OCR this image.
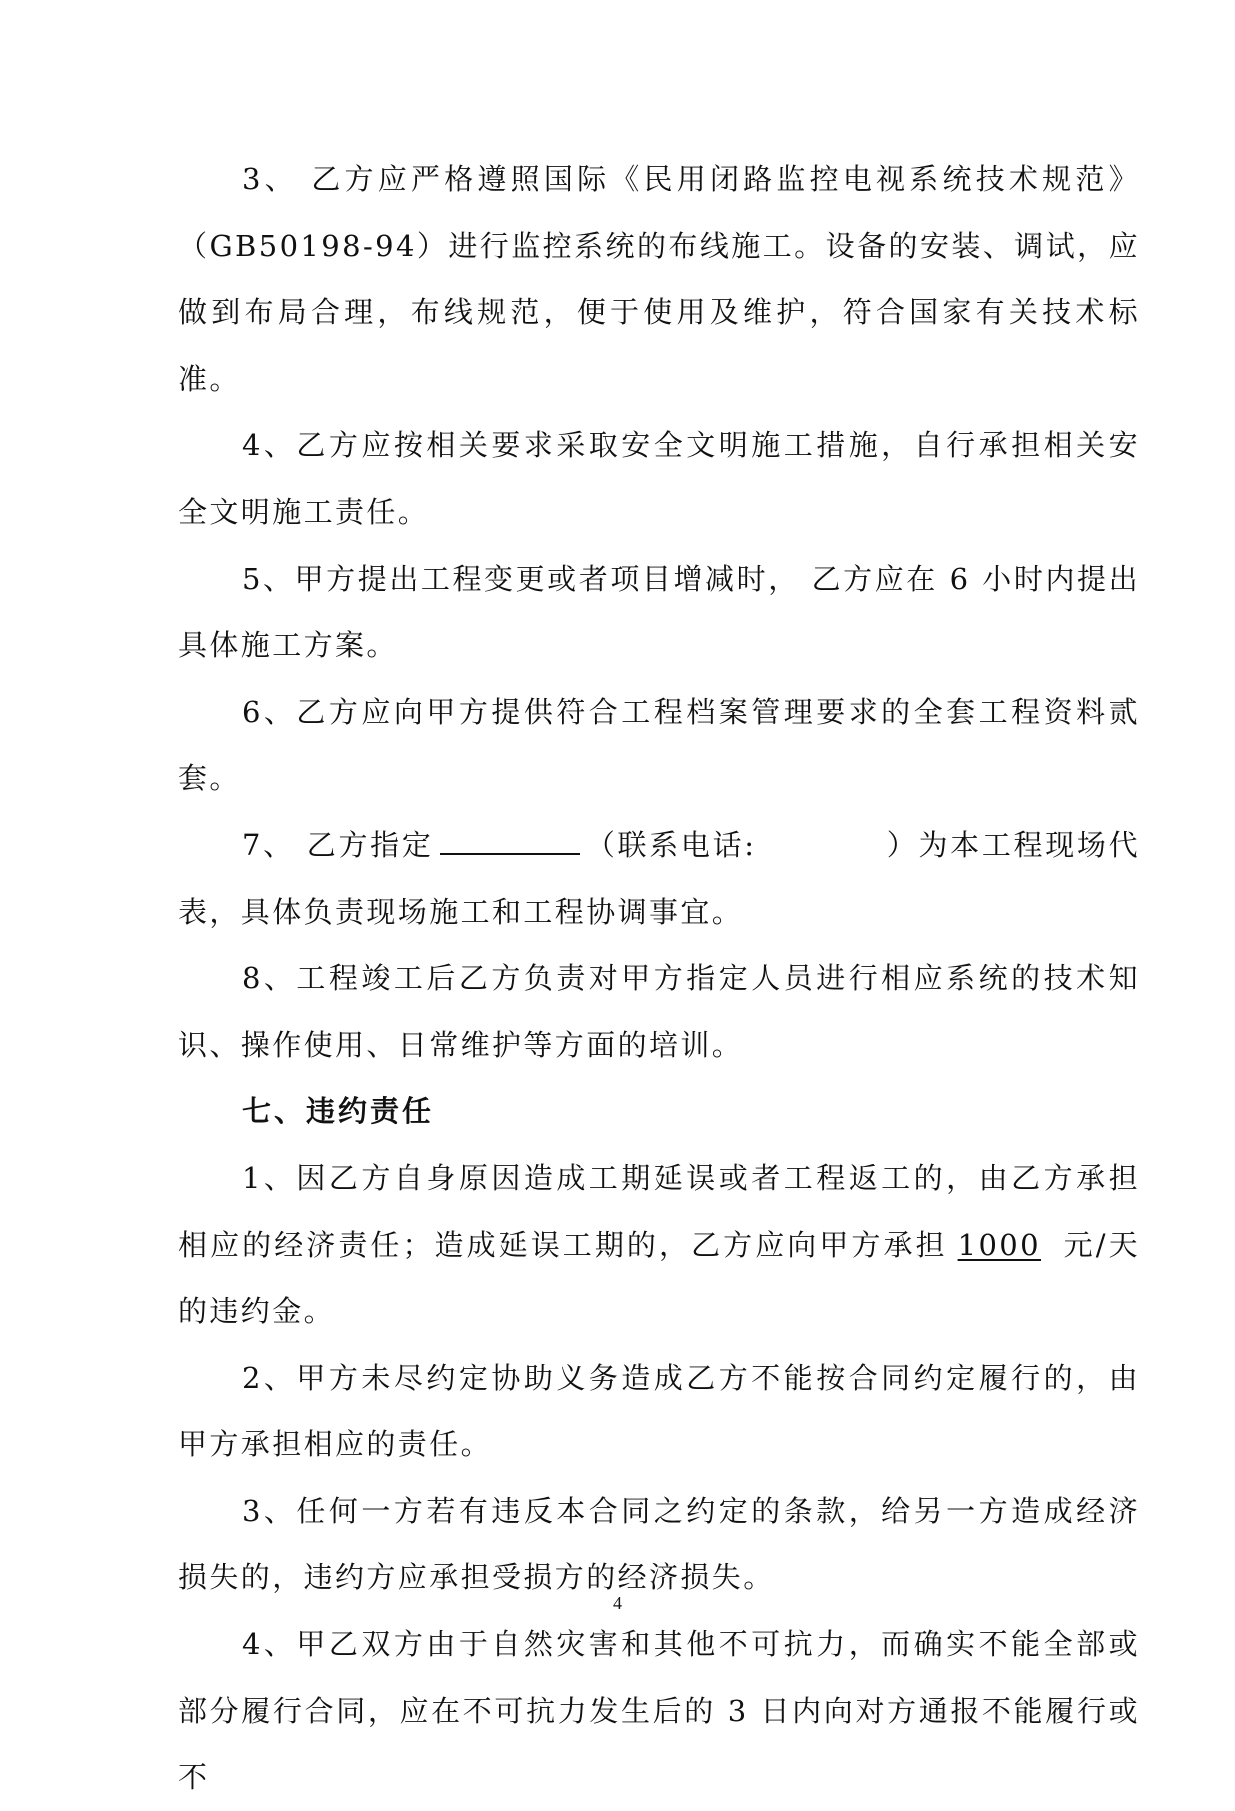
3、 乙方应严格遵照国际《民用闭路监控电视系统技术规范》（GB50198-94）进行监控系统的布线施工。设备的安装、调试，应做到布局合理，布线规范，便于使用及维护，符合国家有关技术标准。

4、乙方应按相关要求采取安全文明施工措施，自行承担相关安全文明施工责任。

5、甲方提出工程变更或者项目增减时， 乙方应在 6 小时内提出具体施工方案。

6、乙方应向甲方提供符合工程档案管理要求的全套工程资料贰套。

7、 乙方指定	（联系电话:	）为本工程现场代表，具体负责现场施工和工程协调事宜。

8、工程竣工后乙方负责对甲方指定人员进行相应系统的技术知识、操作使用、日常维护等方面的培训。

七、违约责任

1、因乙方自身原因造成工期延误或者工程返工的，由乙方承担相应的经济责任；造成延误工期的，乙方应向甲方承担 1000 元/天的违约金。

2、甲方未尽约定协助义务造成乙方不能按合同约定履行的，由甲方承担相应的责任。

3、任何一方若有违反本合同之约定的条款，给另一方造成经济损失的，违约方应承担受损方的经济损失。

4、甲乙双方由于自然灾害和其他不可抗力，而确实不能全部或部分履行合同，应在不可抗力发生后的 3 日内向对方通报不能履行或不

4
